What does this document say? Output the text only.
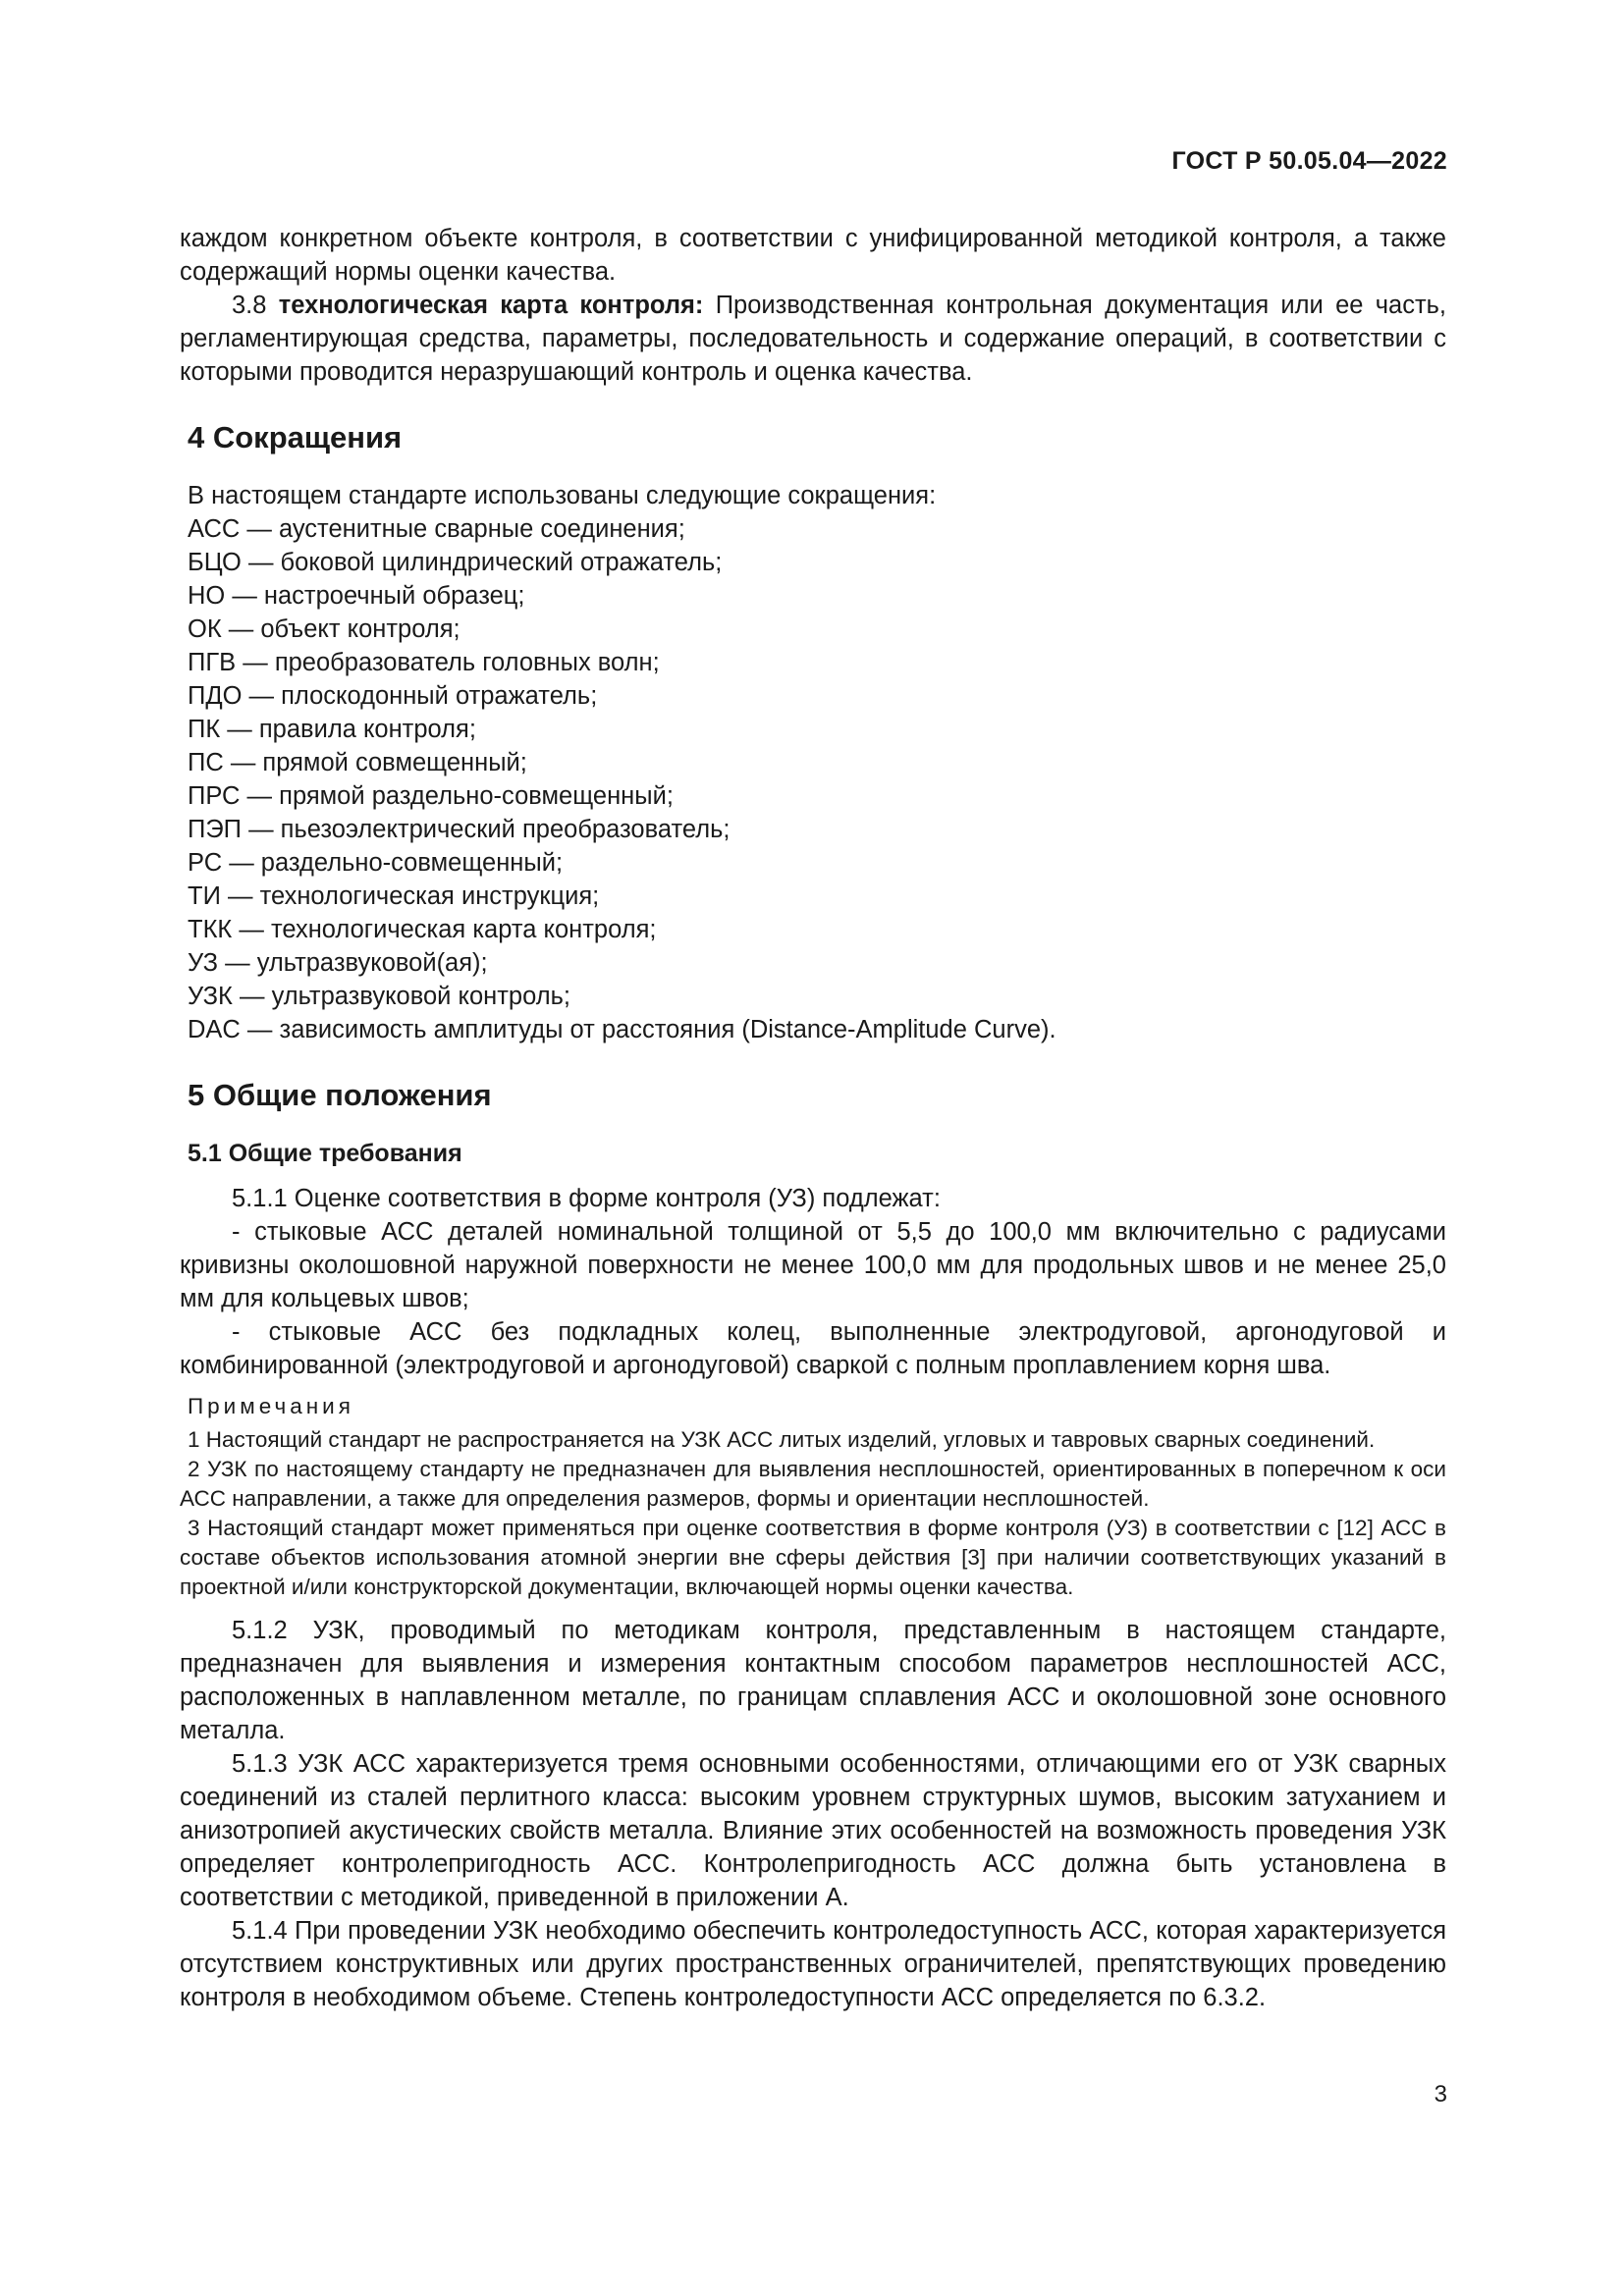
ГОСТ Р 50.05.04—2022

каждом конкретном объекте контроля, в соответствии с унифицированной методикой контроля, а также содержащий нормы оценки качества.

3.8 технологическая карта контроля: Производственная контрольная документация или ее часть, регламентирующая средства, параметры, последовательность и содержание операций, в соответствии с которыми проводится неразрушающий контроль и оценка качества.

4 Сокращения
В настоящем стандарте использованы следующие сокращения:
АСС — аустенитные сварные соединения;
БЦО — боковой цилиндрический отражатель;
НО — настроечный образец;
ОК — объект контроля;
ПГВ — преобразователь головных волн;
ПДО — плоскодонный отражатель;
ПК — правила контроля;
ПС — прямой совмещенный;
ПРС — прямой раздельно-совмещенный;
ПЭП — пьезоэлектрический преобразователь;
РС — раздельно-совмещенный;
ТИ — технологическая инструкция;
ТКК — технологическая карта контроля;
УЗ — ультразвуковой(ая);
УЗК — ультразвуковой контроль;
DAC — зависимость амплитуды от расстояния (Distance-Amplitude Curve).
5 Общие положения
5.1 Общие требования

5.1.1 Оценке соответствия в форме контроля (УЗ) подлежат:

- стыковые АСС деталей номинальной толщиной от 5,5 до 100,0 мм включительно с радиусами кривизны околошовной наружной поверхности не менее 100,0 мм для продольных швов и не менее 25,0 мм для кольцевых швов;

- стыковые АСС без подкладных колец, выполненные электродуговой, аргонодуговой и комбинированной (электродуговой и аргонодуговой) сваркой с полным проплавлением корня шва.

Примечания

1 Настоящий стандарт не распространяется на УЗК АСС литых изделий, угловых и тавровых сварных соединений.

2 УЗК по настоящему стандарту не предназначен для выявления несплошностей, ориентированных в поперечном к оси АСС направлении, а также для определения размеров, формы и ориентации несплошностей.

3 Настоящий стандарт может применяться при оценке соответствия в форме контроля (УЗ) в соответствии с [12] АСС в составе объектов использования атомной энергии вне сферы действия [3] при наличии соответствующих указаний в проектной и/или конструкторской документации, включающей нормы оценки качества.

5.1.2 УЗК, проводимый по методикам контроля, представленным в настоящем стандарте, предназначен для выявления и измерения контактным способом параметров несплошностей АСС, расположенных в наплавленном металле, по границам сплавления АСС и околошовной зоне основного металла.

5.1.3 УЗК АСС характеризуется тремя основными особенностями, отличающими его от УЗК сварных соединений из сталей перлитного класса: высоким уровнем структурных шумов, высоким затуханием и анизотропией акустических свойств металла. Влияние этих особенностей на возможность проведения УЗК определяет контролепригодность АСС. Контролепригодность АСС должна быть установлена в соответствии с методикой, приведенной в приложении А.

5.1.4 При проведении УЗК необходимо обеспечить контроледоступность АСС, которая характеризуется отсутствием конструктивных или других пространственных ограничителей, препятствующих проведению контроля в необходимом объеме. Степень контроледоступности АСС определяется по 6.3.2.

3
